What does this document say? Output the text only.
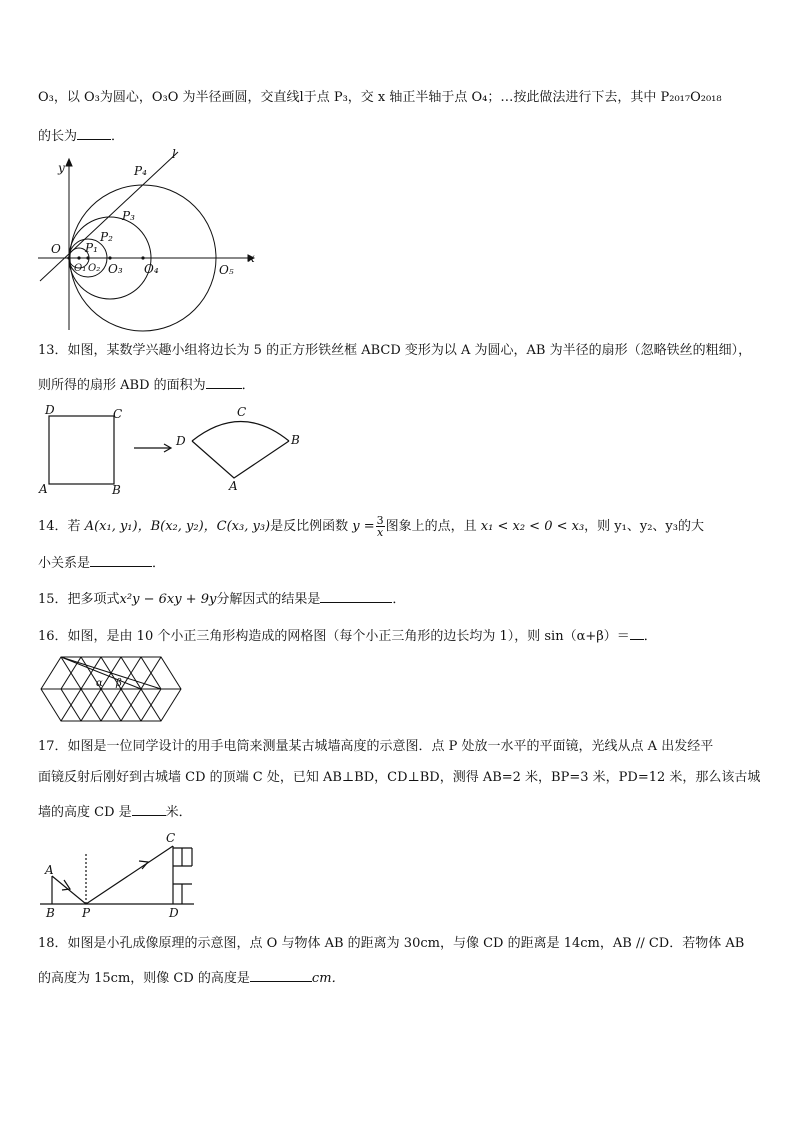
O₃，以 O₃为圆心，O₃O 为半径画圆，交直线l于点 P₃，交 x 轴正半轴于点 O₄；…按此做法进行下去，其中 P₂₀₁₇O₂₀₁₈
的长为	．
y
x
l
O
P₄
P₃
P₂
P₁
O₁ O₂ O₃ O₄	O₅
13．如图，某数学兴趣小组将边长为 5 的正方形铁丝框 ABCD 变形为以 A 为圆心，AB 为半径的扇形（忽略铁丝的粗细），
则所得的扇形 ABD 的面积为	．
D	C
A	B
D
C
B
A
14．若 A(x₁, y₁)，B(x₂, y₂)，C(x₃, y₃)是反比例函数 $y = \frac{3}{x}$ 图象上的点，且 x₁ < x₂ < 0 < x₃，则 y₁、y₂、y₃的大
小关系是	．
15．把多项式x²y − 6xy + 9y分解因式的结果是	．
16．如图，是由 10 个小正三角形构造成的网格图（每个小正三角形的边长均为 1），则 sin（α+β）＝ ．
α β
17．如图是一位同学设计的用手电筒来测量某古城墙高度的示意图．点 P 处放一水平的平面镜，光线从点 A 出发经平
面镜反射后刚好到古城墙 CD 的顶端 C 处，已知 AB⊥BD，CD⊥BD，测得 AB=2 米，BP=3 米，PD=12 米，那么该古城
墙的高度 CD 是	米．
A
B P
C
D
18．如图是小孔成像原理的示意图，点 O 与物体 AB 的距离为 30cm，与像 CD 的距离是 14cm，AB // CD．若物体 AB
的高度为 15cm，则像 CD 的高度是	cm．
